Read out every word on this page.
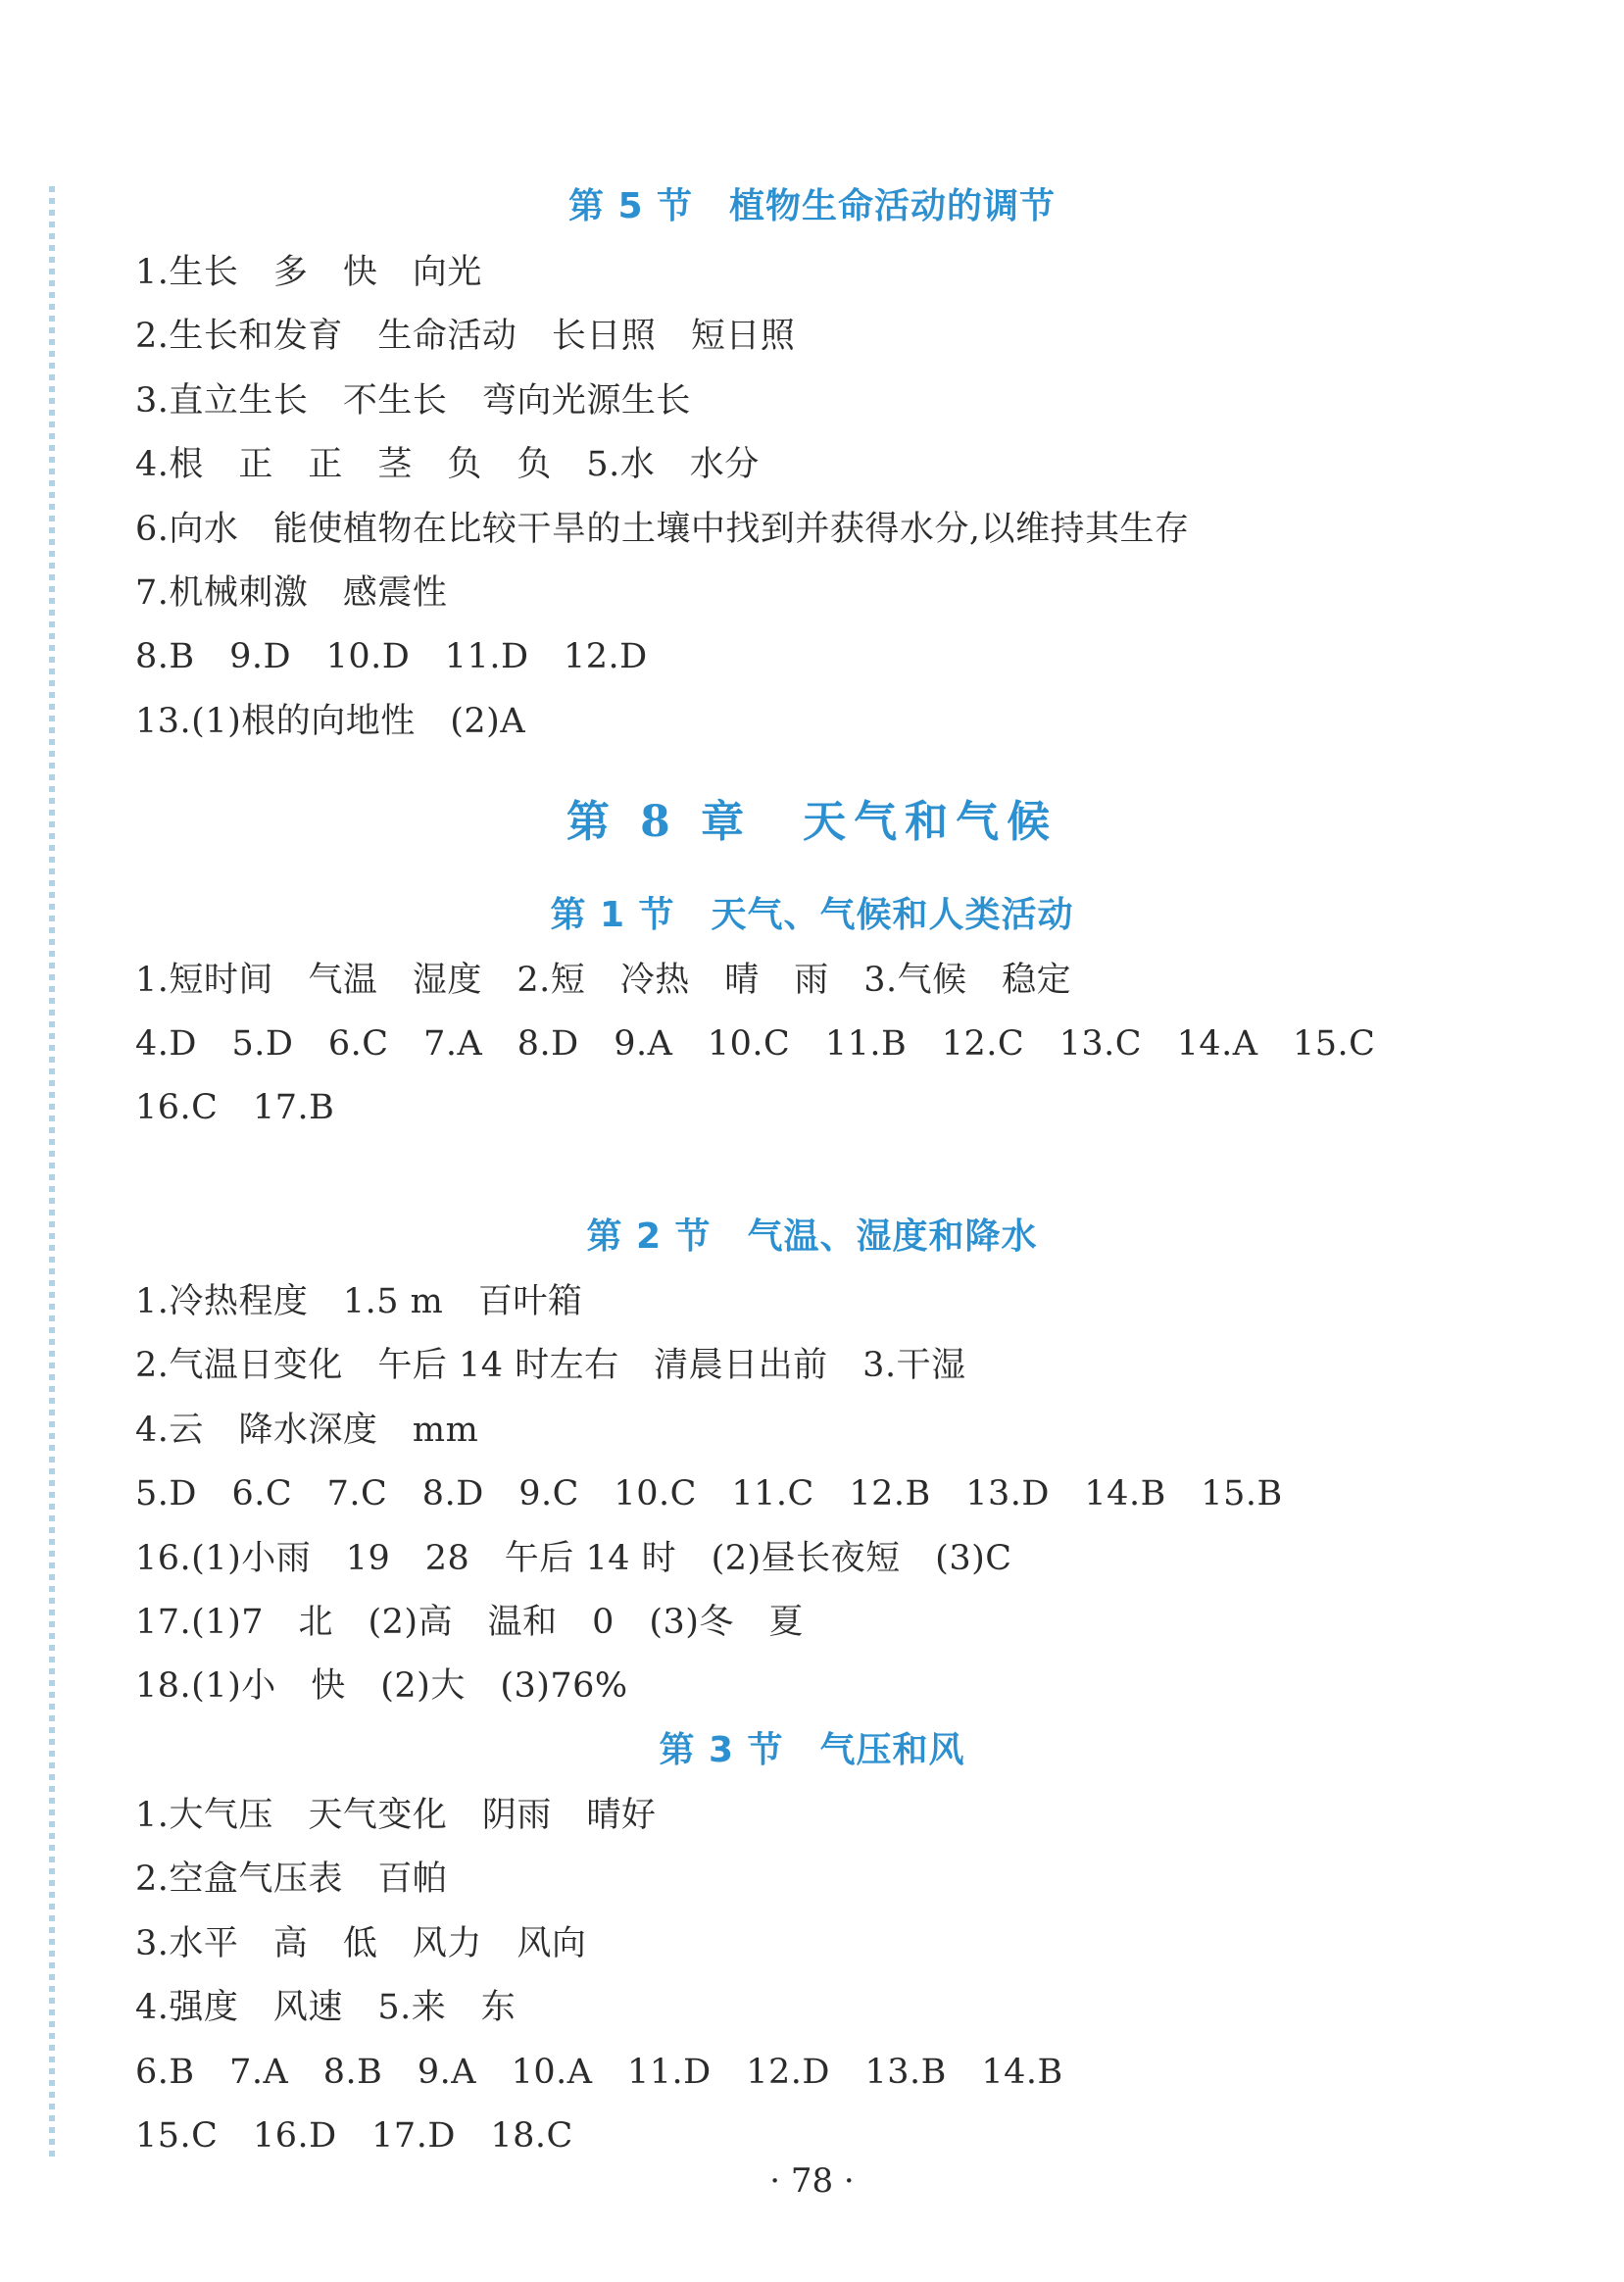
第 5 节　植物生命活动的调节
1.生长　多　快　向光
2.生长和发育　生命活动　长日照　短日照
3.直立生长　不生长　弯向光源生长
4.根　正　正　茎　负　负　5.水　水分
6.向水　能使植物在比较干旱的土壤中找到并获得水分,以维持其生存
7.机械刺激　感震性
8.B　9.D　10.D　11.D　12.D
13.(1)根的向地性　(2)A
第 8 章　天气和气候
第 1 节　天气、气候和人类活动
1.短时间　气温　湿度　2.短　冷热　晴　雨　3.气候　稳定
4.D　5.D　6.C　7.A　8.D　9.A　10.C　11.B　12.C　13.C　14.A　15.C
16.C　17.B
第 2 节　气温、湿度和降水
1.冷热程度　1.5 m　百叶箱
2.气温日变化　午后 14 时左右　清晨日出前　3.干湿
4.云　降水深度　mm
5.D　6.C　7.C　8.D　9.C　10.C　11.C　12.B　13.D　14.B　15.B
16.(1)小雨　19　28　午后 14 时　(2)昼长夜短　(3)C
17.(1)7　北　(2)高　温和　0　(3)冬　夏
18.(1)小　快　(2)大　(3)76%
第 3 节　气压和风
1.大气压　天气变化　阴雨　晴好
2.空盒气压表　百帕
3.水平　高　低　风力　风向
4.强度　风速　5.来　东
6.B　7.A　8.B　9.A　10.A　11.D　12.D　13.B　14.B
15.C　16.D　17.D　18.C
· 78 ·
